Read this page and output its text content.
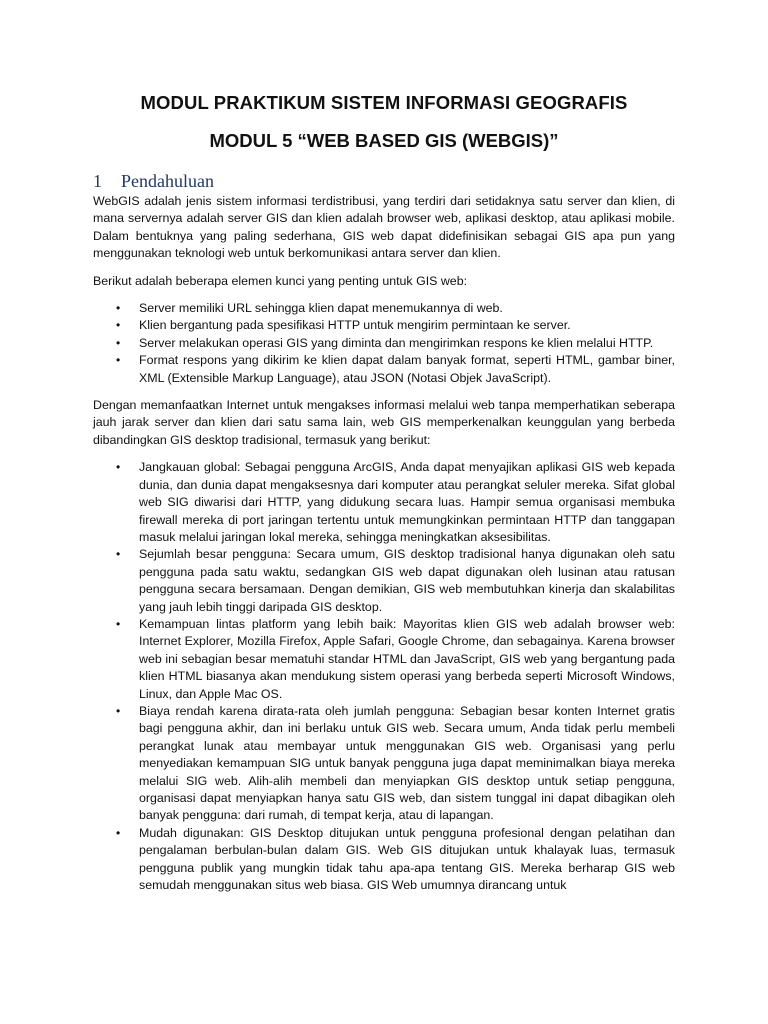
MODUL PRAKTIKUM SISTEM INFORMASI GEOGRAFIS
MODUL 5 “WEB BASED GIS (WEBGIS)”
1 Pendahuluan

WebGIS adalah jenis sistem informasi terdistribusi, yang terdiri dari setidaknya satu server dan klien, di mana servernya adalah server GIS dan klien adalah browser web, aplikasi desktop, atau aplikasi mobile. Dalam bentuknya yang paling sederhana, GIS web dapat didefinisikan sebagai GIS apa pun yang menggunakan teknologi web untuk berkomunikasi antara server dan klien.

Berikut adalah beberapa elemen kunci yang penting untuk GIS web:

• Server memiliki URL sehingga klien dapat menemukannya di web.
• Klien bergantung pada spesifikasi HTTP untuk mengirim permintaan ke server.
• Server melakukan operasi GIS yang diminta dan mengirimkan respons ke klien melalui HTTP.
• Format respons yang dikirim ke klien dapat dalam banyak format, seperti HTML, gambar biner, XML (Extensible Markup Language), atau JSON (Notasi Objek JavaScript).

Dengan memanfaatkan Internet untuk mengakses informasi melalui web tanpa memperhatikan seberapa jauh jarak server dan klien dari satu sama lain, web GIS memperkenalkan keunggulan yang berbeda dibandingkan GIS desktop tradisional, termasuk yang berikut:

• Jangkauan global: Sebagai pengguna ArcGIS, Anda dapat menyajikan aplikasi GIS web kepada dunia, dan dunia dapat mengaksesnya dari komputer atau perangkat seluler mereka. Sifat global web SIG diwarisi dari HTTP, yang didukung secara luas. Hampir semua organisasi membuka firewall mereka di port jaringan tertentu untuk memungkinkan permintaan HTTP dan tanggapan masuk melalui jaringan lokal mereka, sehingga meningkatkan aksesibilitas.
• Sejumlah besar pengguna: Secara umum, GIS desktop tradisional hanya digunakan oleh satu pengguna pada satu waktu, sedangkan GIS web dapat digunakan oleh lusinan atau ratusan pengguna secara bersamaan. Dengan demikian, GIS web membutuhkan kinerja dan skalabilitas yang jauh lebih tinggi daripada GIS desktop.
• Kemampuan lintas platform yang lebih baik: Mayoritas klien GIS web adalah browser web: Internet Explorer, Mozilla Firefox, Apple Safari, Google Chrome, dan sebagainya. Karena browser web ini sebagian besar mematuhi standar HTML dan JavaScript, GIS web yang bergantung pada klien HTML biasanya akan mendukung sistem operasi yang berbeda seperti Microsoft Windows, Linux, dan Apple Mac OS.
• Biaya rendah karena dirata-rata oleh jumlah pengguna: Sebagian besar konten Internet gratis bagi pengguna akhir, dan ini berlaku untuk GIS web. Secara umum, Anda tidak perlu membeli perangkat lunak atau membayar untuk menggunakan GIS web. Organisasi yang perlu menyediakan kemampuan SIG untuk banyak pengguna juga dapat meminimalkan biaya mereka melalui SIG web. Alih-alih membeli dan menyiapkan GIS desktop untuk setiap pengguna, organisasi dapat menyiapkan hanya satu GIS web, dan sistem tunggal ini dapat dibagikan oleh banyak pengguna: dari rumah, di tempat kerja, atau di lapangan.
• Mudah digunakan: GIS Desktop ditujukan untuk pengguna profesional dengan pelatihan dan pengalaman berbulan-bulan dalam GIS. Web GIS ditujukan untuk khalayak luas, termasuk pengguna publik yang mungkin tidak tahu apa-apa tentang GIS. Mereka berharap GIS web semudah menggunakan situs web biasa. GIS Web umumnya dirancang untuk
